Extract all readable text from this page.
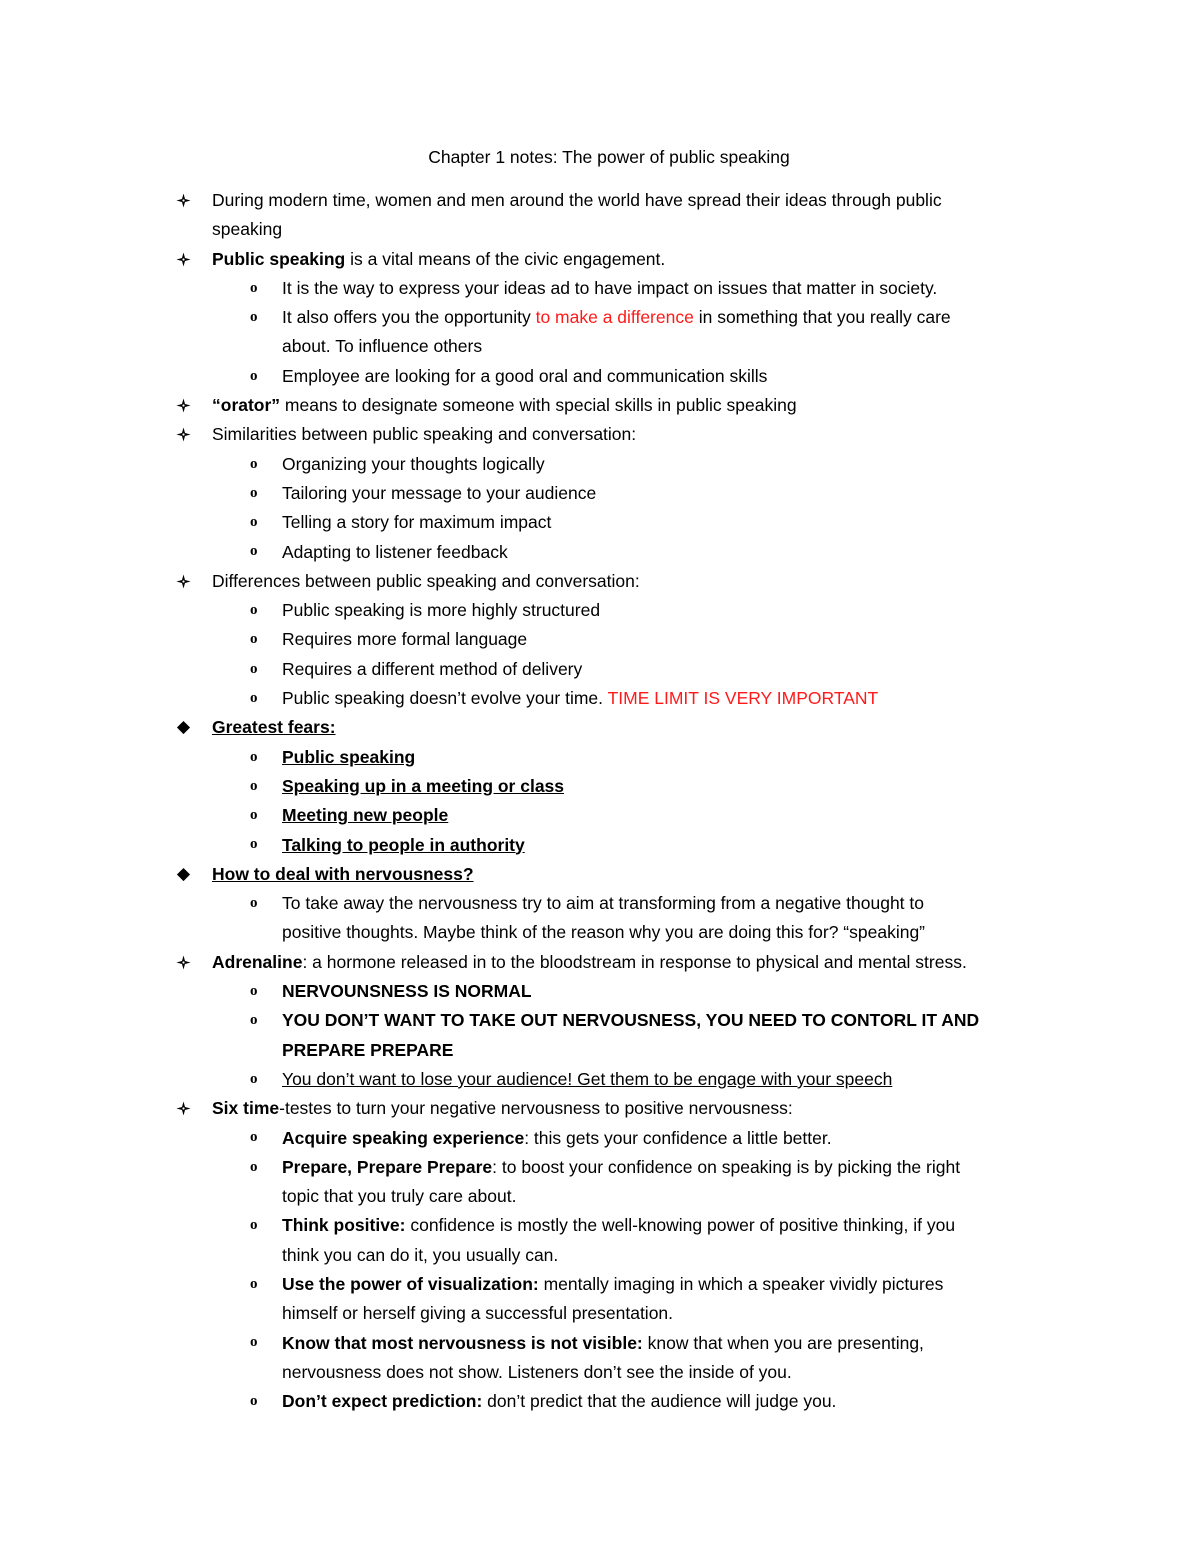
Chapter 1 notes: The power of public speaking
During modern time, women and men around the world have spread their ideas through public
speaking
Public speaking is a vital means of the civic engagement.
o	It is the way to express your ideas ad to have impact on issues that matter in society.
o	It also offers you the opportunity to make a difference in something that you really care
about. To influence others
o	Employee are looking for a good oral and communication skills
“orator” means to designate someone with special skills in public speaking
Similarities between public speaking and conversation:
o	Organizing your thoughts logically
o	Tailoring your message to your audience
o	Telling a story for maximum impact
o	Adapting to listener feedback
Differences between public speaking and conversation:
o	Public speaking is more highly structured
o	Requires more formal language
o	Requires a different method of delivery
o	Public speaking doesn’t evolve your time. TIME LIMIT IS VERY IMPORTANT
Greatest fears:
o	Public speaking
o	Speaking up in a meeting or class
o	Meeting new people
o	Talking to people in authority
How to deal with nervousness?
o	To take away the nervousness try to aim at transforming from a negative thought to
positive thoughts. Maybe think of the reason why you are doing this for? “speaking”
Adrenaline: a hormone released in to the bloodstream in response to physical and mental stress.
o	NERVOUNSNESS IS NORMAL
o	YOU DON’T WANT TO TAKE OUT NERVOUSNESS, YOU NEED TO CONTORL IT AND
PREPARE PREPARE
o	You don’t want to lose your audience! Get them to be engage with your speech
Six time-testes to turn your negative nervousness to positive nervousness:
o	Acquire speaking experience: this gets your confidence a little better.
o	Prepare, Prepare Prepare: to boost your confidence on speaking is by picking the right
topic that you truly care about.
o	Think positive: confidence is mostly the well-knowing power of positive thinking, if you
think you can do it, you usually can.
o	Use the power of visualization: mentally imaging in which a speaker vividly pictures
himself or herself giving a successful presentation.
o	Know that most nervousness is not visible: know that when you are presenting,
nervousness does not show. Listeners don’t see the inside of you.
o	Don’t expect prediction: don’t predict that the audience will judge you.
